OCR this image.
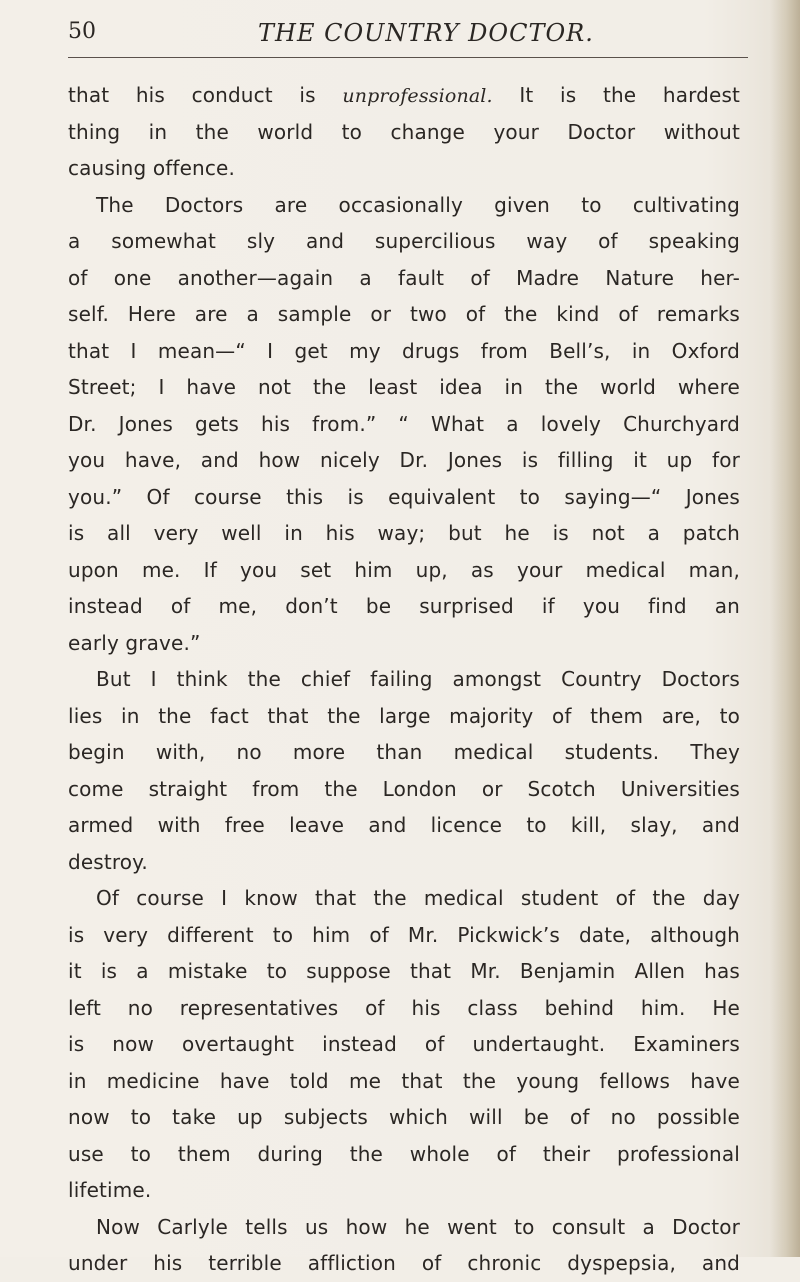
50	THE COUNTRY DOCTOR.
that his conduct is unprofessional. It is the hardest
thing in the world to change your Doctor without
causing offence.
The Doctors are occasionally given to cultivating
a somewhat sly and supercilious way of speaking
of one another—again a fault of Madre Nature her-
self. Here are a sample or two of the kind of remarks
that I mean—“ I get my drugs from Bell’s, in Oxford
Street; I have not the least idea in the world where
Dr. Jones gets his from.” “ What a lovely Churchyard
you have, and how nicely Dr. Jones is filling it up for
you.” Of course this is equivalent to saying—“ Jones
is all very well in his way; but he is not a patch
upon me. If you set him up, as your medical man,
instead of me, don’t be surprised if you find an
early grave.”
But I think the chief failing amongst Country Doctors
lies in the fact that the large majority of them are, to
begin with, no more than medical students. They
come straight from the London or Scotch Universities
armed with free leave and licence to kill, slay, and
destroy.
Of course I know that the medical student of the day
is very different to him of Mr. Pickwick’s date, although
it is a mistake to suppose that Mr. Benjamin Allen has
left no representatives of his class behind him. He
is now overtaught instead of undertaught. Examiners
in medicine have told me that the young fellows have
now to take up subjects which will be of no possible
use to them during the whole of their professional
lifetime.
Now Carlyle tells us how he went to consult a Doctor
under his terrible affliction of chronic dyspepsia, and
